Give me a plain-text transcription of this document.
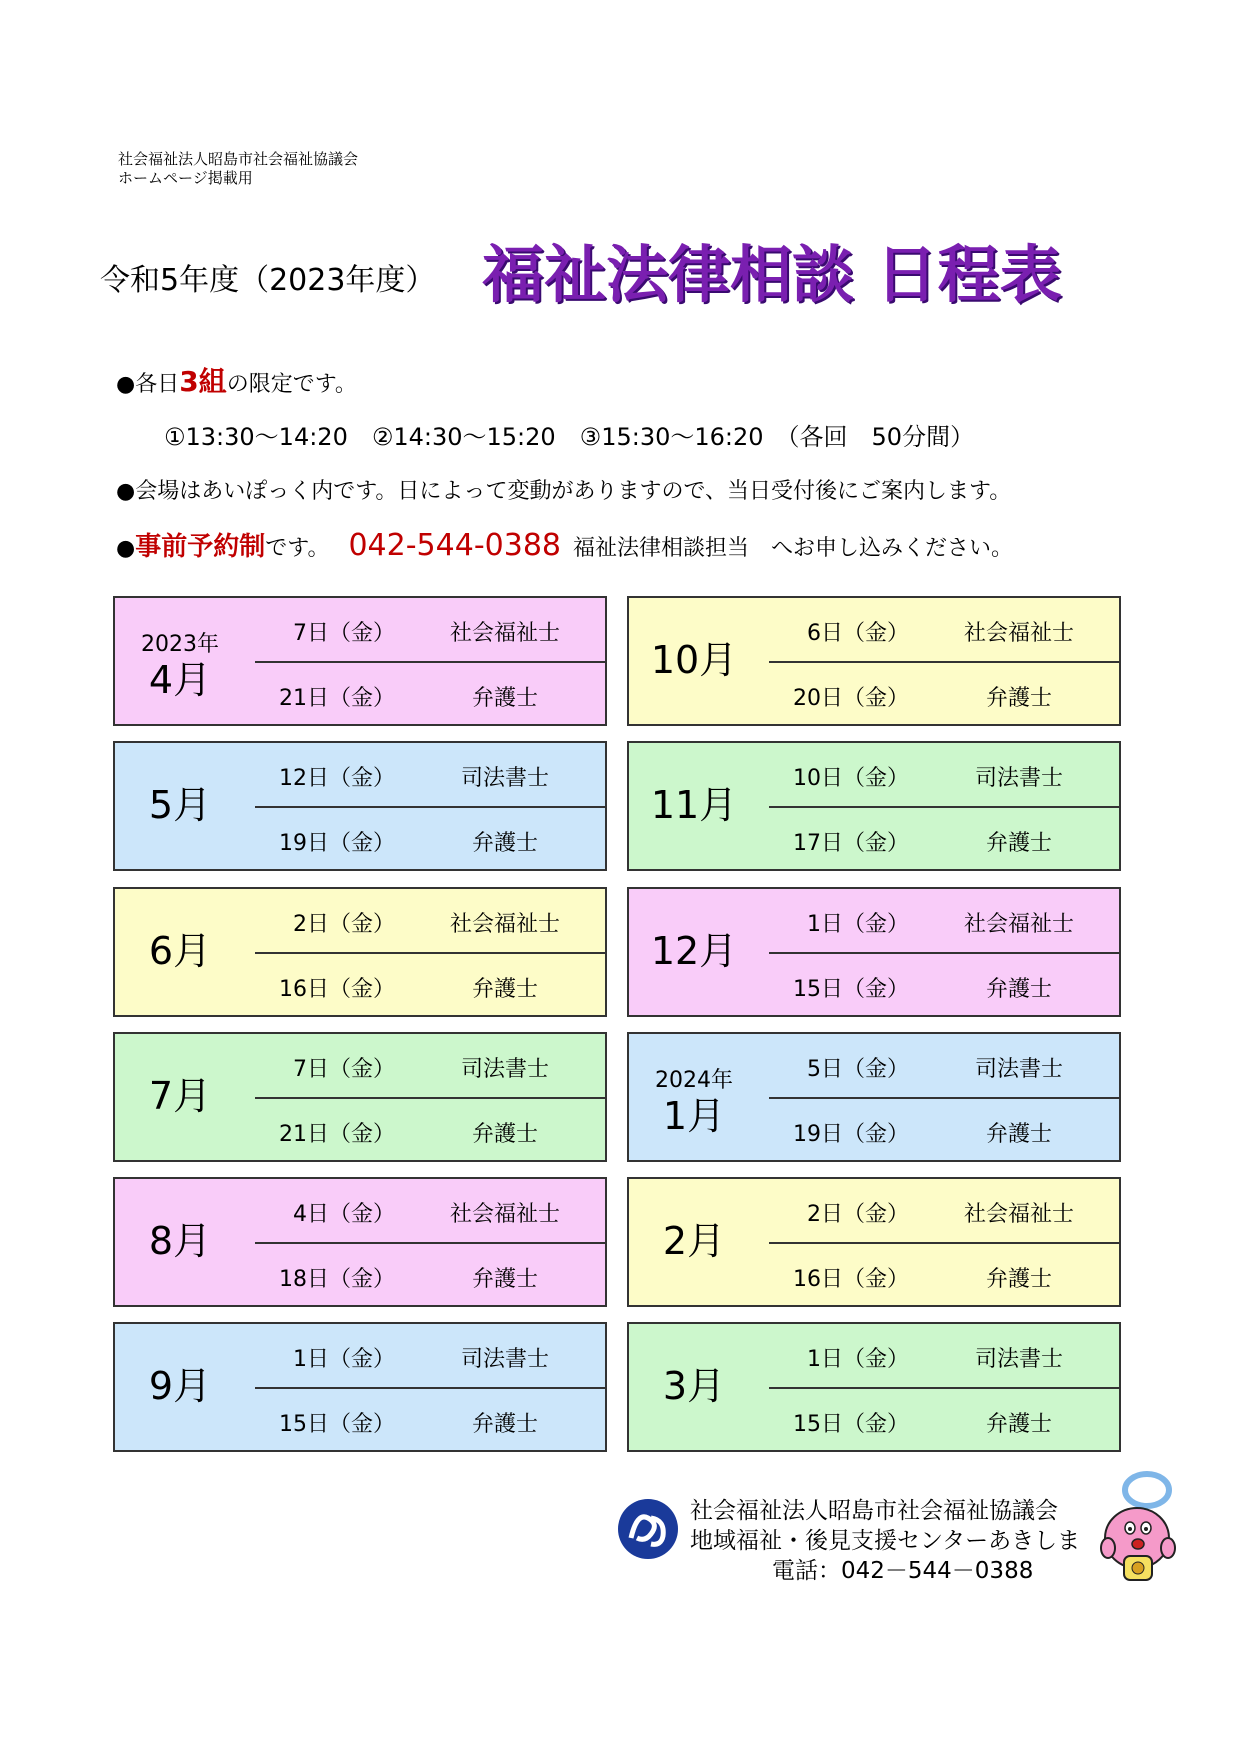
社会福祉法人昭島市社会福祉協議会
ホームページ掲載用
令和5年度（2023年度） 福祉法律相談 日程表
●各日3組の限定です。
①13:30～14:20　②14:30～15:20　③15:30～16:20　（各回　50分間）
●会場はあいぽっく内です。日によって変動がありますので、当日受付後にご案内します。
●事前予約制です。 042-544-0388 福祉法律相談担当　へお申し込みください。
2023年
4月
7日（金）	社会福祉士
21日（金）	弁護士
10月
6日（金）	社会福祉士
20日（金）	弁護士
5月
12日（金）	司法書士
19日（金）	弁護士
11月
10日（金）	司法書士
17日（金）	弁護士
6月
2日（金）	社会福祉士
16日（金）	弁護士
12月
1日（金）	社会福祉士
15日（金）	弁護士
7月
7日（金）	司法書士
21日（金）	弁護士
2024年
1月
5日（金）	司法書士
19日（金）	弁護士
8月
4日（金）	社会福祉士
18日（金）	弁護士
2月
2日（金）	社会福祉士
16日（金）	弁護士
9月
1日（金）	司法書士
15日（金）	弁護士
3月
1日（金）	司法書士
15日（金）	弁護士
社会福祉法人昭島市社会福祉協議会
地域福祉・後見支援センターあきしま
電話：042－544－0388
